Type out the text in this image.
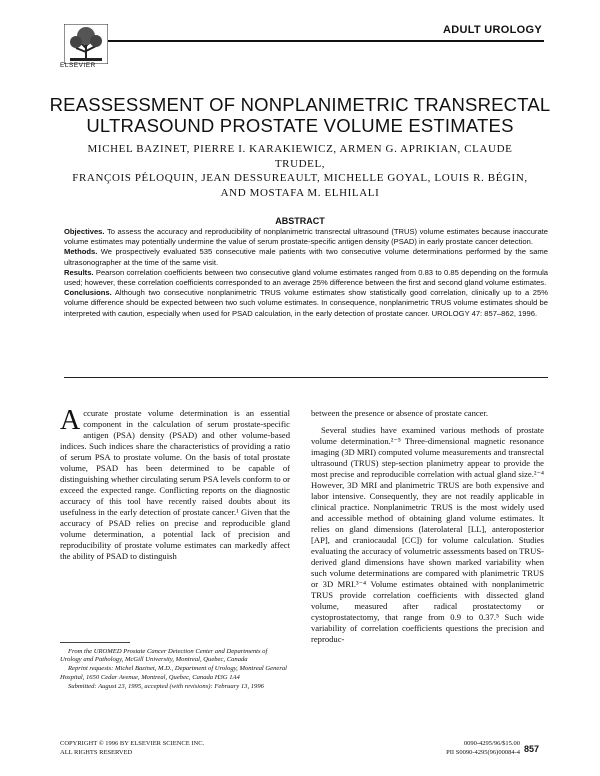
ELSEVIER
ADULT UROLOGY
REASSESSMENT OF NONPLANIMETRIC TRANSRECTAL
ULTRASOUND PROSTATE VOLUME ESTIMATES
MICHEL BAZINET, PIERRE I. KARAKIEWICZ, ARMEN G. APRIKIAN, CLAUDE TRUDEL,
FRANÇOIS PÉLOQUIN, JEAN DESSUREAULT, MICHELLE GOYAL, LOUIS R. BÉGIN,
AND MOSTAFA M. ELHILALI
ABSTRACT

Objectives. To assess the accuracy and reproducibility of nonplanimetric transrectal ultrasound (TRUS) volume estimates because inaccurate volume estimates may potentially undermine the value of serum prostate-specific antigen density (PSAD) in early prostate cancer detection.

Methods. We prospectively evaluated 535 consecutive male patients with two consecutive volume determinations performed by the same ultrasonographer at the time of the same visit.

Results. Pearson correlation coefficients between two consecutive gland volume estimates ranged from 0.83 to 0.85 depending on the formula used; however, these correlation coefficients corresponded to an average 25% difference between the first and second gland volume estimates.

Conclusions. Although two consecutive nonplanimetric TRUS volume estimates show statistically good correlation, clinically up to a 25% volume difference should be expected between two such volume estimates. In consequence, nonplanimetric TRUS volume estimates should be interpreted with caution, especially when used for PSAD calculation, in the early detection of prostate cancer. UROLOGY 47: 857–862, 1996.

Accurate prostate volume determination is an essential component in the calculation of serum prostate-specific antigen (PSA) density (PSAD) and other volume-based indices. Such indices share the characteristics of providing a ratio of serum PSA to prostate volume. On the basis of total prostate volume, PSAD has been determined to be capable of distinguishing whether circulating serum PSA levels conform to or exceed the expected range. Conflicting reports on the diagnostic accuracy of this tool have recently raised doubts about its usefulness in the early detection of prostate cancer.¹ Given that the accuracy of PSAD relies on precise and reproducible gland volume determination, a potential lack of precision and reproducibility of prostate volume estimates can markedly affect the ability of PSAD to distinguish

between the presence or absence of prostate cancer.

Several studies have examined various methods of prostate volume determination.²⁻⁵ Three-dimensional magnetic resonance imaging (3D MRI) computed volume measurements and transrectal ultrasound (TRUS) step-section planimetry appear to provide the most precise and reproducible correlation with actual gland size.²⁻⁴ However, 3D MRI and planimetric TRUS are both expensive and labor intensive. Consequently, they are not readily applicable in clinical practice. Nonplanimetric TRUS is the most widely used and accessible method of obtaining gland volume estimates. It relies on gland dimensions (laterolateral [LL], anteroposterior [AP], and craniocaudal [CC]) for volume calculation. Studies evaluating the accuracy of volumetric assessments based on TRUS-derived gland dimensions have shown marked variability when such volume determinations are compared with planimetric TRUS or 3D MRI.³⁻⁴ Volume estimates obtained with nonplanimetric TRUS provide correlation coefficients with dissected gland volume, measured after radical prostatectomy or cystoprostatectomy, that range from 0.9 to 0.37.⁵ Such wide variability of correlation coefficients questions the precision and reproduc-

From the UROMED Prostate Cancer Detection Center and Departments of Urology and Pathology, McGill University, Montreal, Quebec, Canada

Reprint requests: Michel Bazinet, M.D., Department of Urology, Montreal General Hospital, 1650 Cedar Avenue, Montreal, Quebec, Canada H3G 1A4

Submitted: August 23, 1995, accepted (with revisions): February 13, 1996

COPYRIGHT © 1996 BY ELSEVIER SCIENCE INC.
ALL RIGHTS RESERVED
0090-4295/96/$15.00
PII S0090-4295(96)00084-4 857
